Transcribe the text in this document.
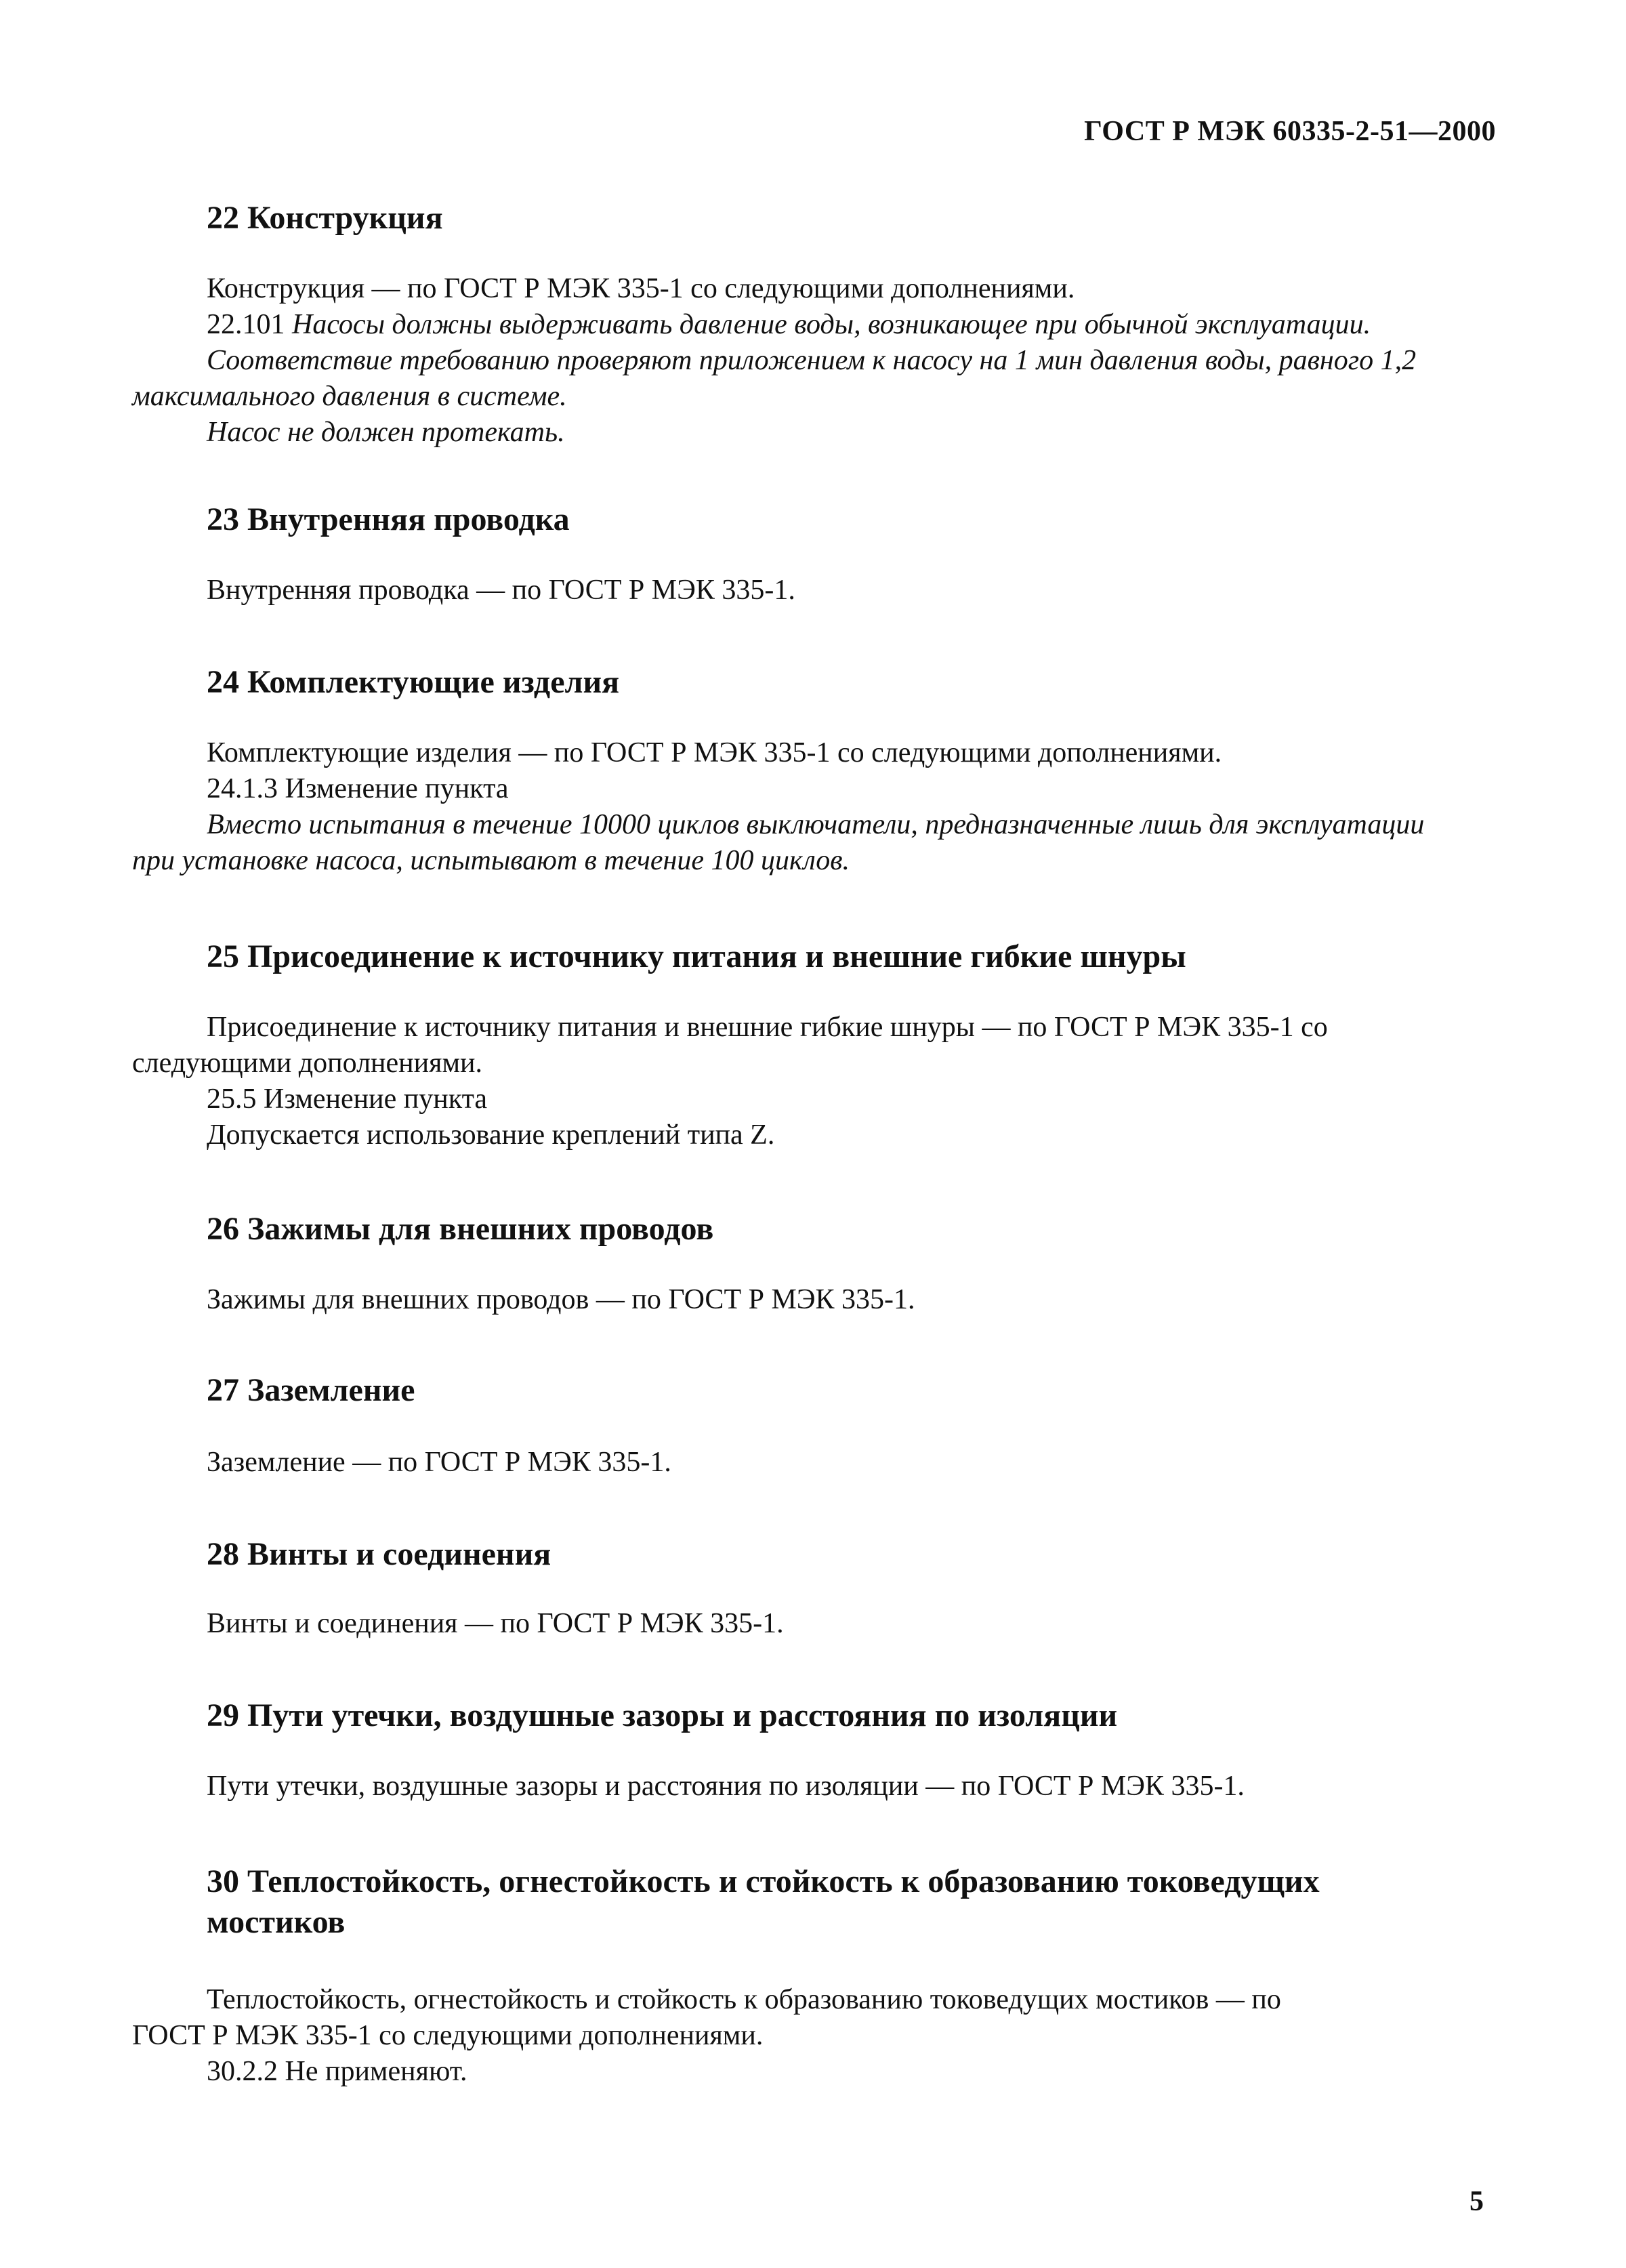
ГОСТ Р МЭК 60335-2-51—2000
22 Конструкция

Конструкция — по ГОСТ Р МЭК 335-1 со следующими дополнениями.

22.101 Насосы должны выдерживать давление воды, возникающее при обычной эксплуатации.

Соответствие требованию проверяют приложением к насосу на 1 мин давления воды, равного 1,2

максимального давления в системе.

Насос не должен протекать.

23 Внутренняя проводка

Внутренняя проводка — по ГОСТ Р МЭК 335-1.

24 Комплектующие изделия

Комплектующие изделия — по ГОСТ Р МЭК 335-1 со следующими дополнениями.

24.1.3 Изменение пункта

Вместо испытания в течение 10000 циклов выключатели, предназначенные лишь для эксплуатации

при установке насоса, испытывают в течение 100 циклов.

25 Присоединение к источнику питания и внешние гибкие шнуры

Присоединение к источнику питания и внешние гибкие шнуры — по ГОСТ Р МЭК 335-1 со

следующими дополнениями.

25.5 Изменение пункта

Допускается использование креплений типа Z.

26 Зажимы для внешних проводов

Зажимы для внешних проводов — по ГОСТ Р МЭК 335-1.

27 Заземление

Заземление — по ГОСТ Р МЭК 335-1.

28 Винты и соединения

Винты и соединения — по ГОСТ Р МЭК 335-1.

29 Пути утечки, воздушные зазоры и расстояния по изоляции

Пути утечки, воздушные зазоры и расстояния по изоляции — по ГОСТ Р МЭК 335-1.

30 Теплостойкость, огнестойкость и стойкость к образованию токоведущих
мостиков

Теплостойкость, огнестойкость и стойкость к образованию токоведущих мостиков — по

ГОСТ Р МЭК 335-1 со следующими дополнениями.

30.2.2 Не применяют.

5
